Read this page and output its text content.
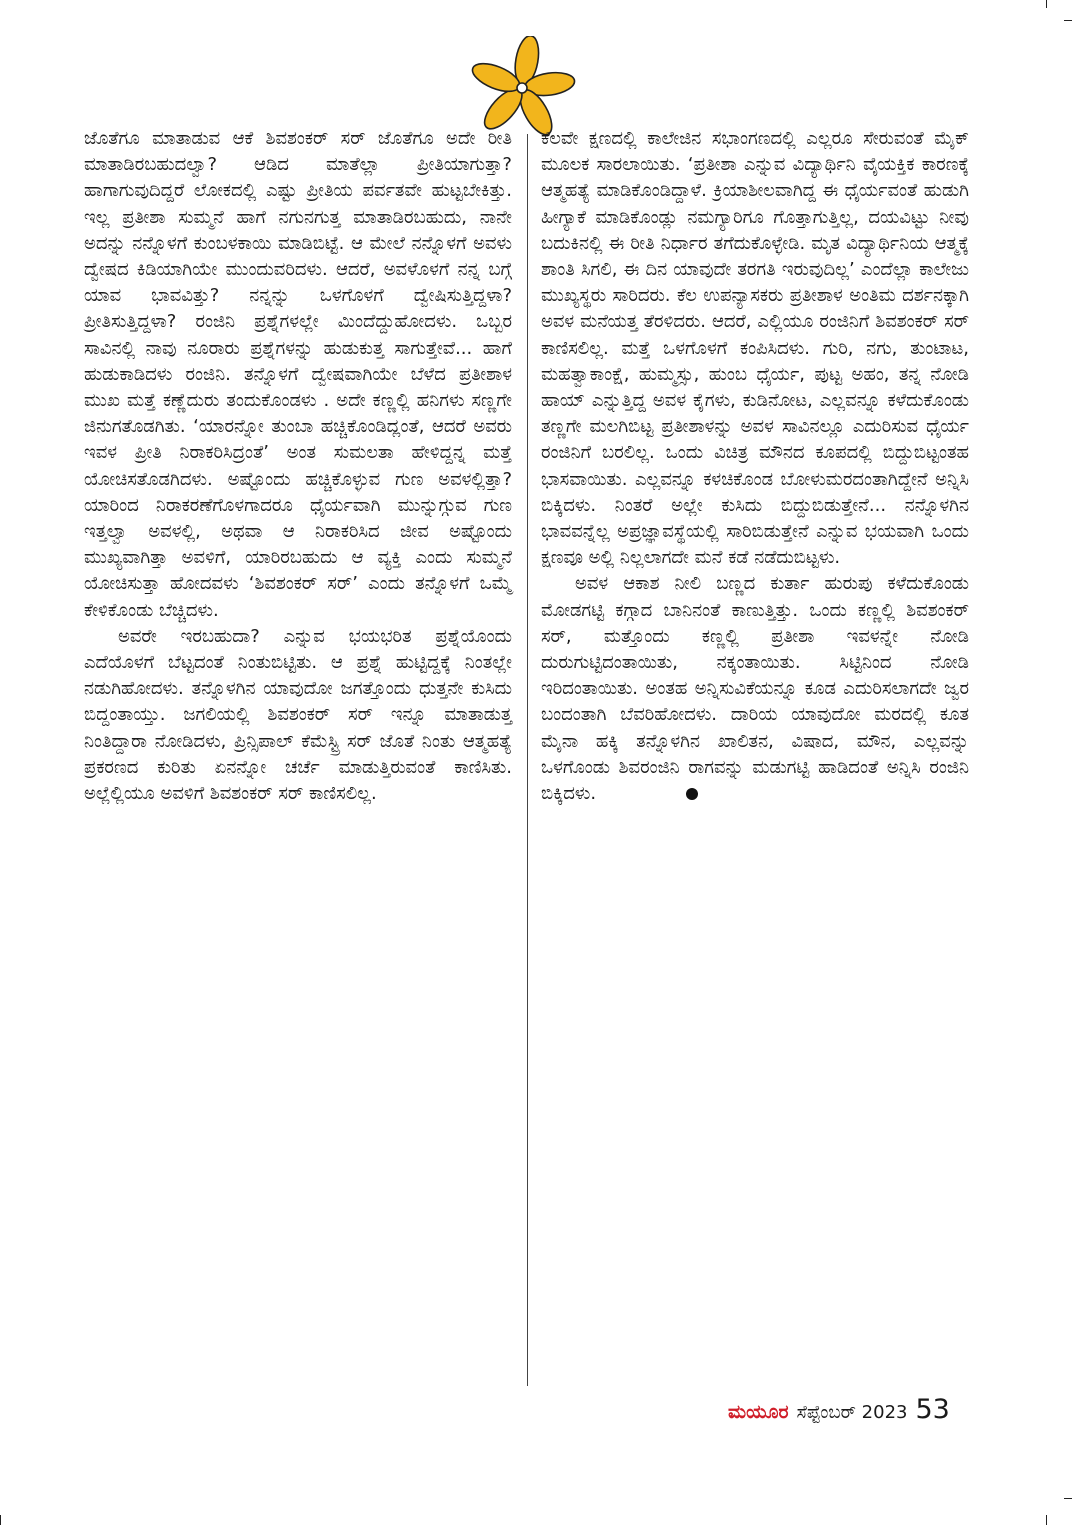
ಜೊತೆಗೂ ಮಾತಾಡುವ ಆಕೆ ಶಿವಶಂಕರ್ ಸರ್ ಜೊತೆಗೂ ಅದೇ ರೀತಿ ಮಾತಾಡಿರಬಹುದಲ್ವಾ? ಆಡಿದ ಮಾತೆಲ್ಲಾ ಪ್ರೀತಿಯಾಗುತ್ತಾ? ಹಾಗಾಗುವುದಿದ್ದರೆ ಲೋಕದಲ್ಲಿ ಎಷ್ಟು ಪ್ರೀತಿಯ ಪರ್ವತವೇ ಹುಟ್ಟಬೇಕಿತ್ತು. ಇಲ್ಲ ಪ್ರತೀಶಾ ಸುಮ್ಮನೆ ಹಾಗೆ ನಗುನಗುತ್ತ ಮಾತಾಡಿರಬಹುದು, ನಾನೇ ಅದನ್ನು ನನ್ನೊಳಗೆ ಕುಂಬಳಕಾಯಿ ಮಾಡಿಬಿಟ್ಟೆ. ಆ ಮೇಲೆ ನನ್ನೊಳಗೆ ಅವಳು ದ್ವೇಷದ ಕಿಡಿಯಾಗಿಯೇ ಮುಂದುವರಿದಳು. ಆದರೆ, ಅವಳೊಳಗೆ ನನ್ನ ಬಗ್ಗೆ ಯಾವ ಭಾವವಿತ್ತು? ನನ್ನನ್ನು ಒಳಗೊಳಗೆ ದ್ವೇಷಿಸುತ್ತಿದ್ದಳಾ? ಪ್ರೀತಿಸುತ್ತಿದ್ದಳಾ? ರಂಜಿನಿ ಪ್ರಶ್ನೆಗಳಲ್ಲೇ ಮಿಂದೆದ್ದುಹೋದಳು. ಒಬ್ಬರ ಸಾವಿನಲ್ಲಿ ನಾವು ನೂರಾರು ಪ್ರಶ್ನೆಗಳನ್ನು ಹುಡುಕುತ್ತ ಸಾಗುತ್ತೇವೆ... ಹಾಗೆ ಹುಡುಕಾಡಿದಳು ರಂಜಿನಿ. ತನ್ನೊಳಗೆ ದ್ವೇಷವಾಗಿಯೇ ಬೆಳೆದ ಪ್ರತೀಶಾಳ ಮುಖ ಮತ್ತೆ ಕಣ್ಣೆದುರು ತಂದುಕೊಂಡಳು . ಅದೇ ಕಣ್ಣಲ್ಲಿ ಹನಿಗಳು ಸಣ್ಣಗೇ ಜಿನುಗತೊಡಗಿತು. ‘ಯಾರನ್ನೋ ತುಂಬಾ ಹಚ್ಚಿಕೊಂಡಿದ್ಲಂತೆ, ಆದರೆ ಅವರು ಇವಳ ಪ್ರೀತಿ ನಿರಾಕರಿಸಿದ್ರಂತೆ’ ಅಂತ ಸುಮಲತಾ ಹೇಳಿದ್ದನ್ನ ಮತ್ತೆ ಯೋಚಿಸತೊಡಗಿದಳು. ಅಷ್ಟೊಂದು ಹಚ್ಚಿಕೊಳ್ಳುವ ಗುಣ ಅವಳಲ್ಲಿತ್ತಾ? ಯಾರಿಂದ ನಿರಾಕರಣೆಗೊಳಗಾದರೂ ಧೈರ್ಯವಾಗಿ ಮುನ್ನುಗ್ಗುವ ಗುಣ ಇತ್ತಲ್ವಾ ಅವಳಲ್ಲಿ, ಅಥವಾ ಆ ನಿರಾಕರಿಸಿದ ಜೀವ ಅಷ್ಟೊಂದು ಮುಖ್ಯವಾಗಿತ್ತಾ ಅವಳಿಗೆ, ಯಾರಿರಬಹುದು ಆ ವ್ಯಕ್ತಿ ಎಂದು ಸುಮ್ಮನೆ ಯೋಚಿಸುತ್ತಾ ಹೋದವಳು ‘ಶಿವಶಂಕರ್ ಸರ್’ ಎಂದು ತನ್ನೊಳಗೆ ಒಮ್ಮೆ ಕೇಳಿಕೊಂಡು ಬೆಚ್ಚಿದಳು.

ಅವರೇ ಇರಬಹುದಾ? ಎನ್ನುವ ಭಯಭರಿತ ಪ್ರಶ್ನೆಯೊಂದು ಎದೆಯೊಳಗೆ ಬೆಟ್ಟದಂತೆ ನಿಂತುಬಿಟ್ಟಿತು. ಆ ಪ್ರಶ್ನೆ ಹುಟ್ಟಿದ್ದಕ್ಕೆ ನಿಂತಲ್ಲೇ ನಡುಗಿಹೋದಳು. ತನ್ನೊಳಗಿನ ಯಾವುದೋ ಜಗತ್ತೊಂದು ಧುತ್ತನೇ ಕುಸಿದು ಬಿದ್ದಂತಾಯ್ತು. ಜಗಲಿಯಲ್ಲಿ ಶಿವಶಂಕರ್ ಸರ್ ಇನ್ನೂ ಮಾತಾಡುತ್ತ ನಿಂತಿದ್ದಾರಾ ನೋಡಿದಳು, ಪ್ರಿನ್ಸಿಪಾಲ್ ಕೆಮೆಸ್ಟ್ರಿ ಸರ್ ಜೊತೆ ನಿಂತು ಆತ್ಮಹತ್ಯೆ ಪ್ರಕರಣದ ಕುರಿತು ಏನನ್ನೋ ಚರ್ಚೆ ಮಾಡುತ್ತಿರುವಂತೆ ಕಾಣಿಸಿತು. ಅಲ್ಲೆಲ್ಲಿಯೂ ಅವಳಿಗೆ ಶಿವಶಂಕರ್ ಸರ್ ಕಾಣಿಸಲಿಲ್ಲ.

ಕೆಲವೇ ಕ್ಷಣದಲ್ಲಿ ಕಾಲೇಜಿನ ಸಭಾಂಗಣದಲ್ಲಿ ಎಲ್ಲರೂ ಸೇರುವಂತೆ ಮೈಕ್ ಮೂಲಕ ಸಾರಲಾಯಿತು. ‘ಪ್ರತೀಶಾ ಎನ್ನುವ ವಿದ್ಯಾರ್ಥಿನಿ ವೈಯಕ್ತಿಕ ಕಾರಣಕ್ಕೆ ಆತ್ಮಹತ್ಯೆ ಮಾಡಿಕೊಂಡಿದ್ದಾಳೆ. ಕ್ರಿಯಾಶೀಲವಾಗಿದ್ದ ಈ ಧೈರ್ಯವಂತೆ ಹುಡುಗಿ ಹೀಗ್ಯಾಕೆ ಮಾಡಿಕೊಂಡ್ಲು ನಮಗ್ಯಾರಿಗೂ ಗೊತ್ತಾಗುತ್ತಿಲ್ಲ, ದಯವಿಟ್ಟು ನೀವು ಬದುಕಿನಲ್ಲಿ ಈ ರೀತಿ ನಿರ್ಧಾರ ತಗೆದುಕೊಳ್ಳೇಡಿ. ಮೃತ ವಿದ್ಯಾರ್ಥಿನಿಯ ಆತ್ಮಕ್ಕೆ ಶಾಂತಿ ಸಿಗಲಿ, ಈ ದಿನ ಯಾವುದೇ ತರಗತಿ ಇರುವುದಿಲ್ಲ’ ಎಂದೆಲ್ಲಾ ಕಾಲೇಜು ಮುಖ್ಯಸ್ಥರು ಸಾರಿದರು. ಕೆಲ ಉಪನ್ಯಾಸಕರು ಪ್ರತೀಶಾಳ ಅಂತಿಮ ದರ್ಶನಕ್ಕಾಗಿ ಅವಳ ಮನೆಯತ್ತ ತೆರಳಿದರು. ಆದರೆ, ಎಲ್ಲಿಯೂ ರಂಜಿನಿಗೆ ಶಿವಶಂಕರ್ ಸರ್ ಕಾಣಿಸಲಿಲ್ಲ. ಮತ್ತೆ ಒಳಗೊಳಗೆ ಕಂಪಿಸಿದಳು. ಗುರಿ, ನಗು, ತುಂಟಾಟ, ಮಹತ್ವಾಕಾಂಕ್ಷೆ, ಹುಮ್ಮಸ್ಸು, ಹುಂಬ ಧೈರ್ಯ, ಪುಟ್ಟ ಅಹಂ, ತನ್ನ ನೋಡಿ ಹಾಯ್ ಎನ್ನುತ್ತಿದ್ದ ಅವಳ ಕೈಗಳು, ಕುಡಿನೋಟ, ಎಲ್ಲವನ್ನೂ ಕಳೆದುಕೊಂಡು ತಣ್ಣಗೇ ಮಲಗಿಬಿಟ್ಟ ಪ್ರತೀಶಾಳನ್ನು ಅವಳ ಸಾವಿನಲ್ಲೂ ಎದುರಿಸುವ ಧೈರ್ಯ ರಂಜಿನಿಗೆ ಬರಲಿಲ್ಲ. ಒಂದು ವಿಚಿತ್ರ ಮೌನದ ಕೂಪದಲ್ಲಿ ಬಿದ್ದುಬಿಟ್ಟಂತಹ ಭಾಸವಾಯಿತು. ಎಲ್ಲವನ್ನೂ ಕಳಚಿಕೊಂಡ ಬೋಳುಮರದಂತಾಗಿದ್ದೇನೆ ಅನ್ನಿಸಿ ಬಿಕ್ಕಿದಳು. ನಿಂತರೆ ಅಲ್ಲೇ ಕುಸಿದು ಬಿದ್ದುಬಿಡುತ್ತೇನೆ... ನನ್ನೊಳಗಿನ ಭಾವವನ್ನೆಲ್ಲ ಅಪ್ರಜ್ಞಾವಸ್ಥೆಯಲ್ಲಿ ಸಾರಿಬಿಡುತ್ತೇನೆ ಎನ್ನುವ ಭಯವಾಗಿ ಒಂದು ಕ್ಷಣವೂ ಅಲ್ಲಿ ನಿಲ್ಲಲಾಗದೇ ಮನೆ ಕಡೆ ನಡೆದುಬಿಟ್ಟಳು.

ಅವಳ ಆಕಾಶ ನೀಲಿ ಬಣ್ಣದ ಕುರ್ತಾ ಹುರುಪು ಕಳೆದುಕೊಂಡು ಮೋಡಗಟ್ಟಿ ಕಗ್ಗಾದ ಬಾನಿನಂತೆ ಕಾಣುತ್ತಿತ್ತು. ಒಂದು ಕಣ್ಣಲ್ಲಿ ಶಿವಶಂಕರ್ ಸರ್, ಮತ್ತೊಂದು ಕಣ್ಣಲ್ಲಿ ಪ್ರತೀಶಾ ಇವಳನ್ನೇ ನೋಡಿ ದುರುಗುಟ್ಟಿದಂತಾಯಿತು, ನಕ್ಕಂತಾಯಿತು. ಸಿಟ್ಟಿನಿಂದ ನೋಡಿ ಇರಿದಂತಾಯಿತು. ಅಂತಹ ಅನ್ನಿಸುವಿಕೆಯನ್ನೂ ಕೂಡ ಎದುರಿಸಲಾಗದೇ ಜ್ವರ ಬಂದಂತಾಗಿ ಬೆವರಿಹೋದಳು. ದಾರಿಯ ಯಾವುದೋ ಮರದಲ್ಲಿ ಕೂತ ಮೈನಾ ಹಕ್ಕಿ ತನ್ನೊಳಗಿನ ಖಾಲಿತನ, ವಿಷಾದ, ಮೌನ, ಎಲ್ಲವನ್ನು ಒಳಗೊಂಡು ಶಿವರಂಜಿನಿ ರಾಗವನ್ನು ಮಡುಗಟ್ಟಿ ಹಾಡಿದಂತೆ ಅನ್ನಿಸಿ ರಂಜಿನಿ ಬಿಕ್ಕಿದಳು.

ಮಯೂರ ಸೆಪ್ಟೆಂಬರ್ 2023 53
